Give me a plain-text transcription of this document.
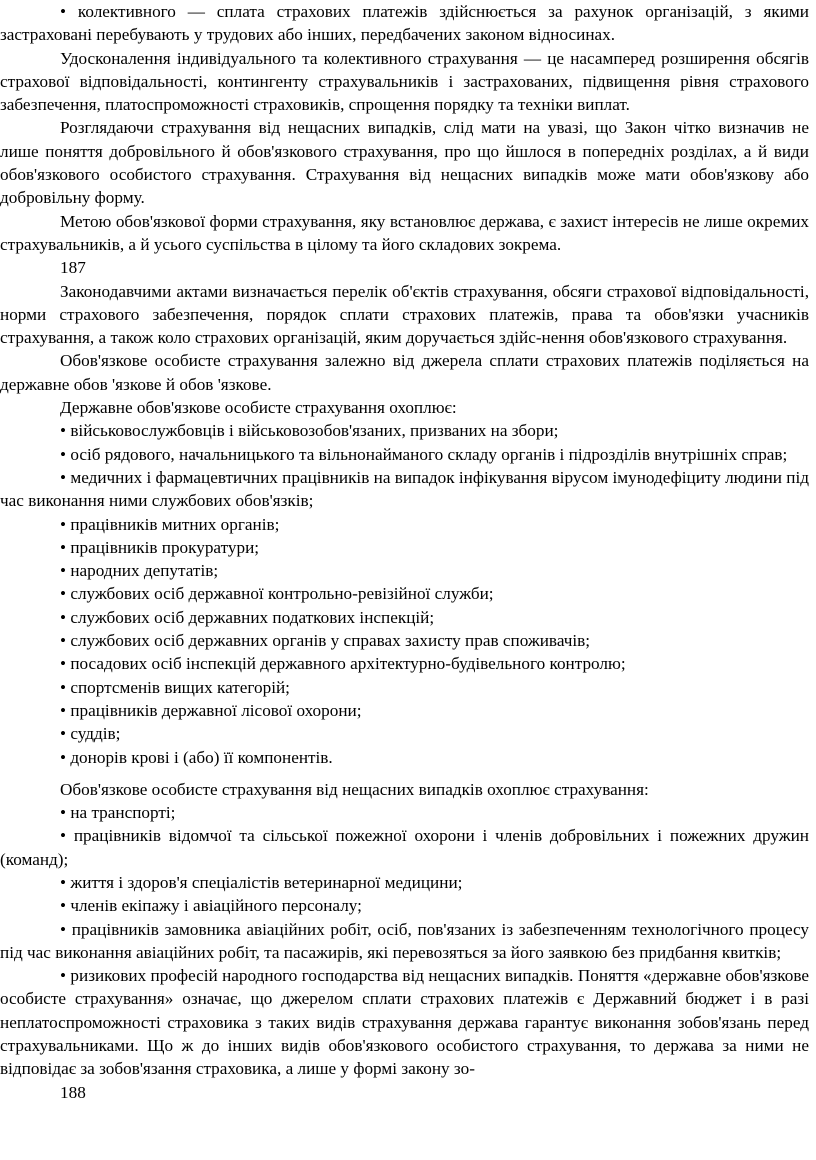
• колективного — сплата страхових платежів здійснюється за рахунок організацій, з якими застраховані перебувають у трудових або інших, передбачених законом відносинах.

Удосконалення індивідуального та колективного страхування — це насамперед розширення обсягів страхової відповідальності, контингенту страхувальників і застрахованих, підвищення рівня страхового забезпечення, платоспроможності страховиків, спрощення порядку та техніки виплат.

Розглядаючи страхування від нещасних випадків, слід мати на увазі, що Закон чітко визначив не лише поняття добровільного й обов'язкового страхування, про що йшлося в попередніх розділах, а й види обов'язкового особистого страхування. Страхування від нещасних випадків може мати обов'язкову або добровільну форму.

Метою обов'язкової форми страхування, яку встановлює держава, є захист інтересів не лише окремих страхувальників, а й усього суспільства в цілому та його складових зокрема.

187

Законодавчими актами визначається перелік об'єктів страхування, обсяги страхової відповідальності, норми страхового забезпечення, порядок сплати страхових платежів, права та обов'язки учасників страхування, а також коло страхових організацій, яким доручається здійс-нення обов'язкового страхування.

Обов'язкове особисте страхування залежно від джерела сплати страхових платежів поділяється на державне обов 'язкове й обов 'язкове.

Державне обов'язкове особисте страхування охоплює:

• військовослужбовців і військовозобов'язаних, призваних на збори;

• осіб рядового, начальницького та вільнонайманого складу органів і підрозділів внутрішніх справ;

• медичних і фармацевтичних працівників на випадок інфікування вірусом імунодефіциту людини під час виконання ними службових обов'язків;

• працівників митних органів;

• працівників прокуратури;

• народних депутатів;

• службових осіб державної контрольно-ревізійної служби;

• службових осіб державних податкових інспекцій;

• службових осіб державних органів у справах захисту прав споживачів;

• посадових осіб інспекцій державного архітектурно-будівельного контролю;

• спортсменів вищих категорій;

• працівників державної лісової охорони;

• суддів;

• донорів крові і (або) її компонентів.

Обов'язкове особисте страхування від нещасних випадків охоплює страхування:

• на транспорті;

• працівників відомчої та сільської пожежної охорони і членів добровільних і пожежних дружин (команд);

• життя і здоров'я спеціалістів ветеринарної медицини;

• членів екіпажу і авіаційного персоналу;

• працівників замовника авіаційних робіт, осіб, пов'язаних із забезпеченням технологічного процесу під час виконання авіаційних робіт, та пасажирів, які перевозяться за його заявкою без придбання квитків;

• ризикових професій народного господарства від нещасних випадків. Поняття «державне обов'язкове особисте страхування» означає, що джерелом сплати страхових платежів є Державний бюджет і в разі неплатоспроможності страховика з таких видів страхування держава гарантує виконання зобов'язань перед страхувальниками. Що ж до інших видів обов'язкового особистого страхування, то держава за ними не відповідає за зобов'язання страховика, а лише у формі закону зо-

188
